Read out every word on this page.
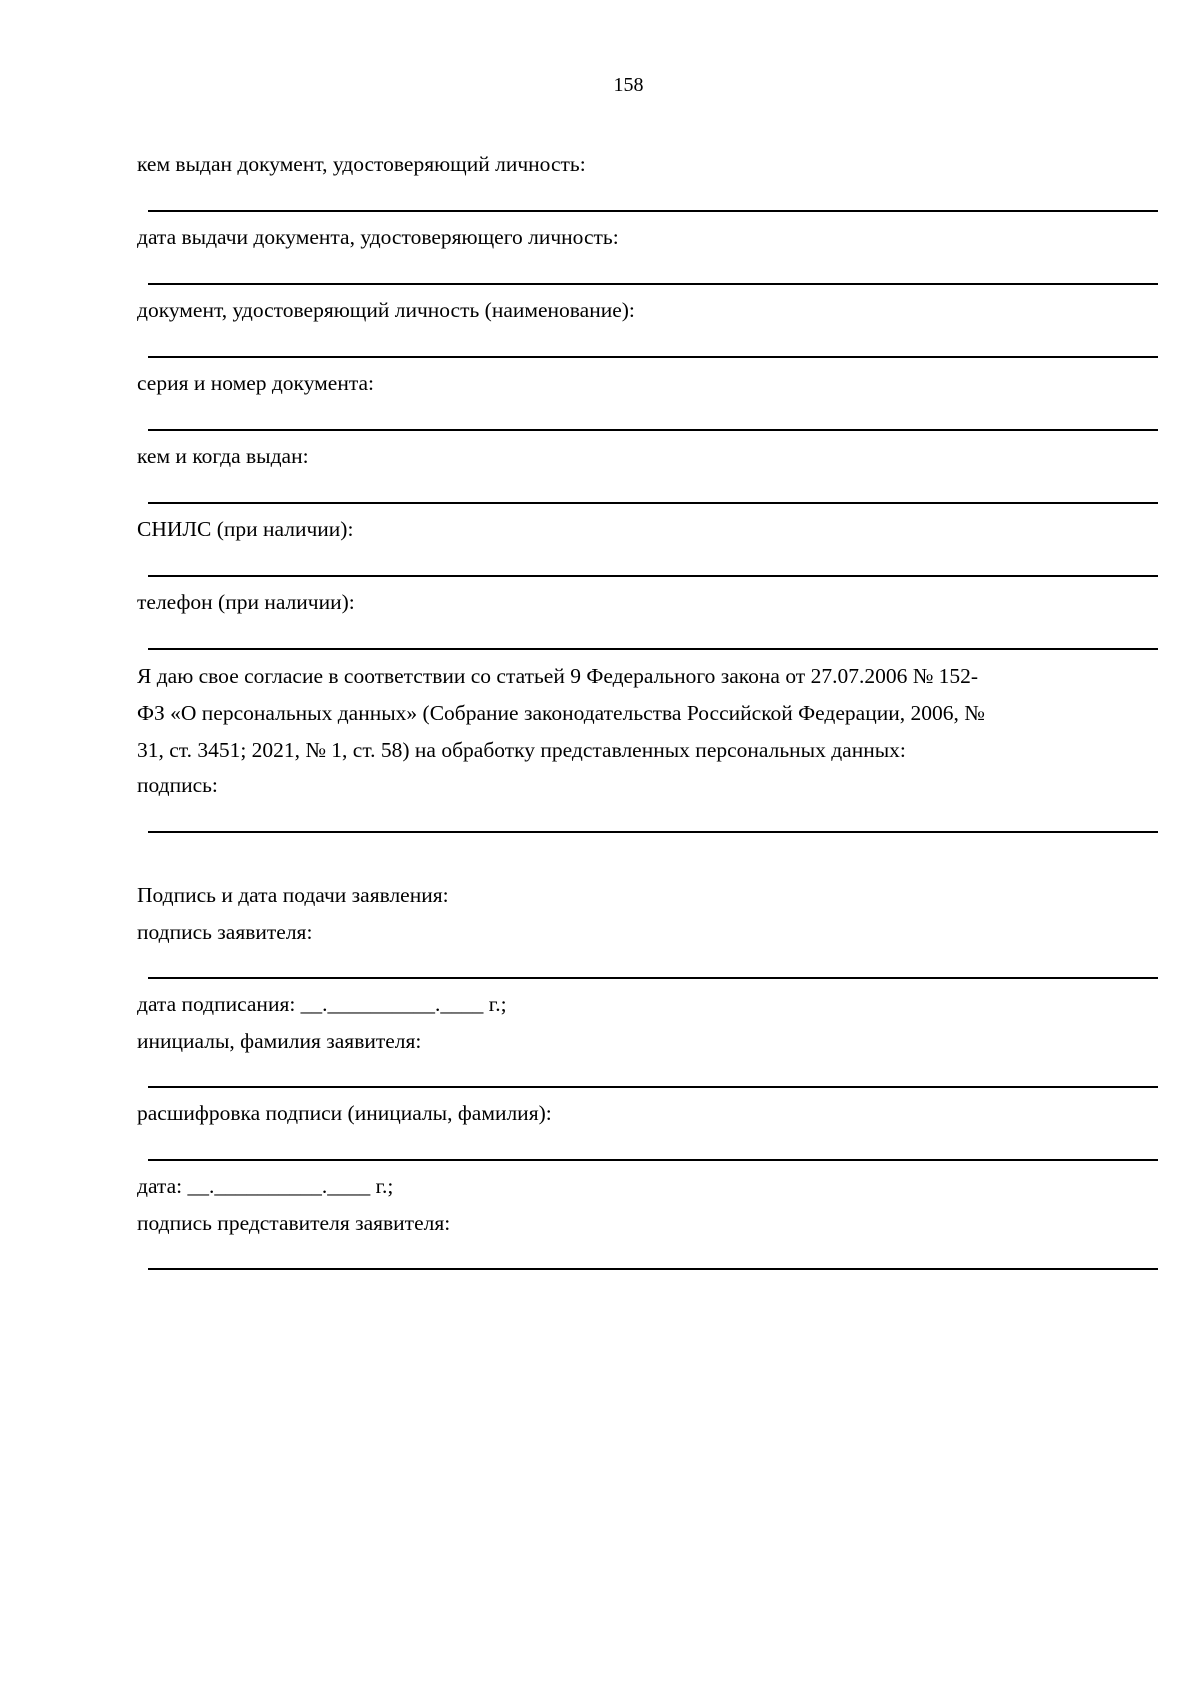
158
кем выдан документ, удостоверяющий личность:
дата выдачи документа, удостоверяющего личность:
документ, удостоверяющий личность (наименование):
серия и номер документа:
кем и когда выдан:
СНИЛС (при наличии):
телефон (при наличии):
Я даю свое согласие в соответствии со статьей 9 Федерального закона от 27.07.2006 № 152-
ФЗ «О персональных данных» (Собрание законодательства Российской Федерации, 2006, №
31, ст. 3451; 2021, № 1, ст. 58) на обработку представленных персональных данных:
подпись:
Подпись и дата подачи заявления:
подпись заявителя:
дата подписания: __.__________.____ г.;
инициалы, фамилия заявителя:
расшифровка подписи (инициалы, фамилия):
дата: __.__________.____ г.;
подпись представителя заявителя:
